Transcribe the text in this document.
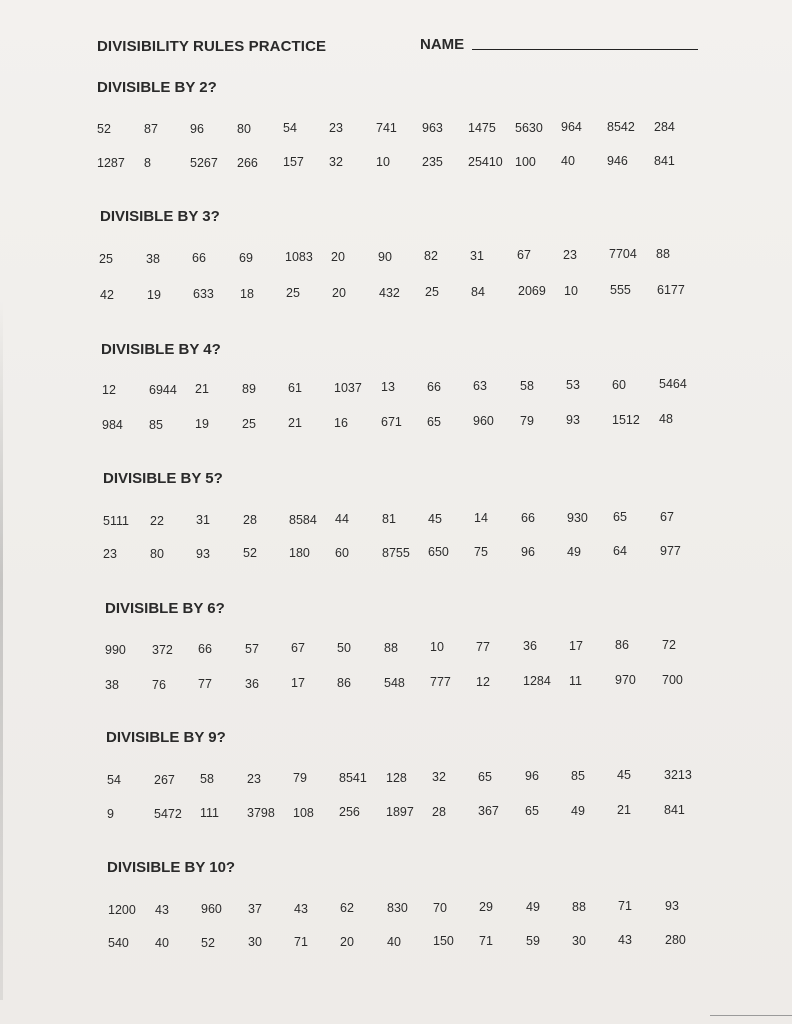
DIVISIBILITY RULES PRACTICE	NAME
DIVISIBLE BY 2?
52	87	96	80	54	23	741 963 1475 5630 964 8542 284
1287 8	5267 266 157 32	10	235 25410 100 40	946 841
DIVISIBLE BY 3?
25	38	66	69	1083 20	90	82	31	67	23	7704 88
42	19	633 18	25	20	432 25	84	2069 10	555 6177
DIVISIBLE BY 4?
12	6944 21	89	61	1037 13	66	63	58	53	60	5464
984 85	19	25	21	16	671 65	960 79	93	1512 48
DIVISIBLE BY 5?
5111 22	31	28	8584 44	81	45	14	66	930 65	67
23	80	93	52	180 60	8755 650 75	96	49	64	977
DIVISIBLE BY 6?
990 372 66	57	67	50	88	10	77	36	17	86	72
38	76	77	36	17	86	548 777 12	1284 11	970 700
DIVISIBLE BY 9?
54	267 58	23	79	8541 128 32	65	96	85	45	3213
9	5472 111 3798 108 256 1897 28	367 65	49	21	841
DIVISIBLE BY 10?
1200 43	960 37	43	62	830 70	29	49	88	71	93
540 40	52	30	71	20	40	150 71	59	30	43	280
